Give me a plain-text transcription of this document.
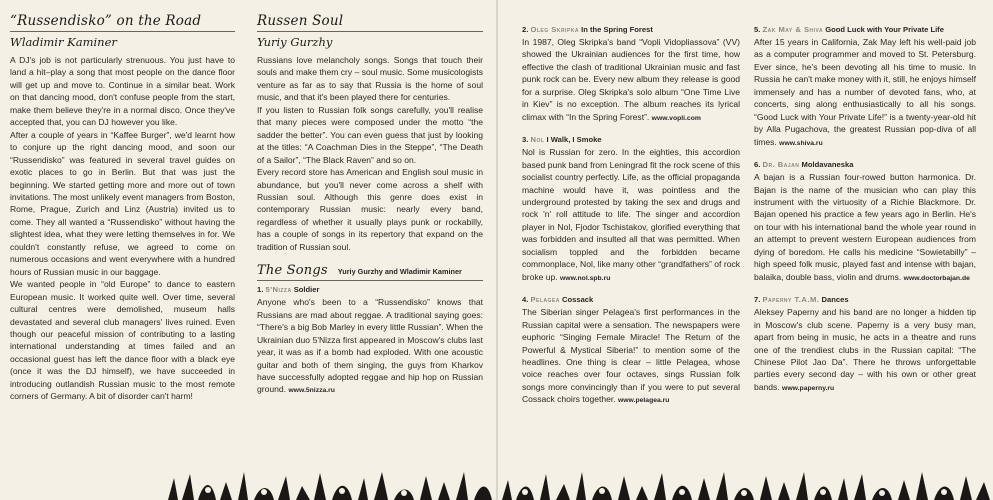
“Russendisko” on the Road
Wladimir Kaminer

A DJ's job is not particularly strenuous. You just have to land a hit–play a song that most people on the dance floor will get up and move to. Continue in a similar beat. Work on that dancing mood, don't confuse people from the start, make them believe they're in a normal disco. Once they've accepted that, you can DJ however you like.

After a couple of years in “Kaffee Burger”, we'd learnt how to conjure up the right dancing mood, and soon our “Russendisko” was featured in several travel guides on exotic places to go in Berlin. But that was just the beginning. We started getting more and more out of town invitations. The most unlikely event managers from Boston, Rome, Prague, Zurich and Linz (Austria) invited us to come. They all wanted a “Russendisko” without having the slightest idea, what they were letting themselves in for. We couldn't constantly refuse, we agreed to come on numerous occasions and went everywhere with a hundred hours of Russian music in our baggage.

We wanted people in “old Europe” to dance to eastern European music. It worked quite well. Over time, several cultural centres were demolished, museum halls devastated and several club managers' lives ruined. Even though our peaceful mission of contributing to a lasting international understanding at times failed and an occasional guest has left the dance floor with a black eye (once it was the DJ himself), we have succeeded in introducing outlandish Russian music to the most remote corners of Germany. A bit of disorder can't harm!

Russen Soul
Yuriy Gurzhy

Russians love melancholy songs. Songs that touch their souls and make them cry – soul music. Some musicologists venture as far as to say that Russia is the home of soul music, and that it's been played there for centuries.

If you listen to Russian folk songs carefully, you'll realise that many pieces were composed under the motto “the sadder the better”. You can even guess that just by looking at the titles: “A Coachman Dies in the Steppe”, “The Death of a Sailor”, “The Black Raven” and so on.

Every record store has American and English soul music in abundance, but you'll never come across a shelf with Russian soul. Although this genre does exist in contemporary Russian music: nearly every band, regardless of whether it usually plays punk or rockabilly, has a couple of songs in its repertory that expand on the tradition of Russian soul.

The Songs Yuriy Gurzhy and Wladimir Kaminer
1. 5'Nizza Soldier

Anyone who's been to a “Russendisko” knows that Russians are mad about reggae. A traditional saying goes: “There's a big Bob Marley in every little Russian”. When the Ukrainian duo 5'Nizza first appeared in Moscow's clubs last year, it was as if a bomb had exploded. With one acoustic guitar and both of them singing, the guys from Kharkov have successfully adopted reggae and hip hop on Russian ground. www.5nizza.ru

2. Oleg Skripka In the Spring Forest

In 1987, Oleg Skripka's band “Vopli Vidopliassova” (VV) showed the Ukrainian audiences for the first time, how effective the clash of traditional Ukrainian music and fast punk rock can be. Every new album they release is good for a surprise. Oleg Skripka's solo album “One Time Live in Kiev” is no exception. The album reaches its lyrical climax with “In the Spring Forest”. www.vopli.com

3. Nol I Walk, I Smoke

Nol is Russian for zero. In the eighties, this accordion based punk band from Leningrad fit the rock scene of this socialist country perfectly. Life, as the official propaganda machine would have it, was pointless and the underground protested by taking the sex and drugs and rock 'n' roll attitude to life. The singer and accordion player in Nol, Fjodor Tschistakov, glorified everything that was forbidden and insulted all that was permitted. When socialism toppled and the forbidden became commonplace, Nol, like many other “grandfathers” of rock broke up. www.nol.spb.ru

4. Pelagea Cossack

The Siberian singer Pelagea's first performances in the Russian capital were a sensation. The newspapers were euphoric “Singing Female Miracle! The Return of the Powerful & Mystical Siberia!” to mention some of the headlines. One thing is clear – little Pelagea, whose voice reaches over four octaves, sings Russian folk songs more convincingly than if you were to put several Cossack choirs together. www.pelagea.ru

5. Zak May & Shiva Good Luck with Your Private Life

After 15 years in California, Zak May left his well-paid job as a computer programmer and moved to St. Petersburg. Ever since, he's been devoting all his time to music. In Russia he can't make money with it, still, he enjoys himself immensely and has a number of devoted fans, who, at concerts, sing along enthusiastically to all his songs. “Good Luck with Your Private Life!” is a twenty-year-old hit by Alla Pugachova, the greatest Russian pop-diva of all times. www.shiva.ru

6. Dr. Bajan Moldavaneska

A bajan is a Russian four-rowed button harmonica. Dr. Bajan is the name of the musician who can play this instrument with the virtuosity of a Richie Blackmore. Dr. Bajan opened his practice a few years ago in Berlin. He's on tour with his international band the whole year round in an attempt to prevent western European audiences from dying of boredom. He calls his medicine “Sowietabilly” – high speed folk music, played fast and intense with bajan, balaika, double bass, violin and drums. www.doctorbajan.de

7. Paperny T.A.M. Dances

Aleksey Paperny and his band are no longer a hidden tip in Moscow's club scene. Paperny is a very busy man, apart from being in music, he acts in a theatre and runs one of the trendiest clubs in the Russian capital: “The Chinese Pilot Jao Da”. There he throws unforgettable parties every second day – with his own or other great bands. www.paperny.ru
